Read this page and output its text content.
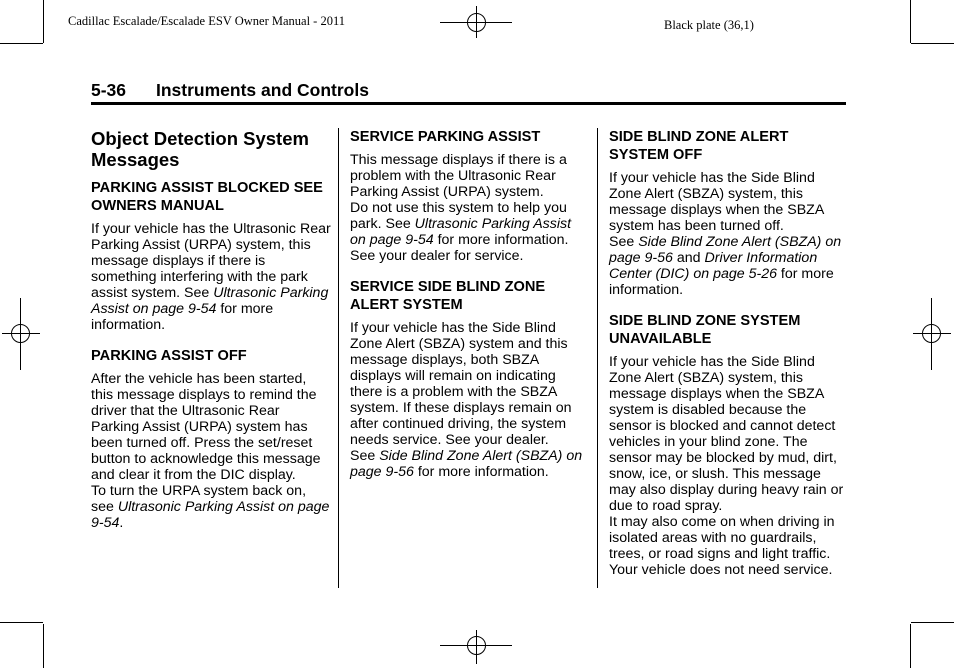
Cadillac Escalade/Escalade ESV Owner Manual - 2011	Black plate (36,1)
5-36 Instruments and Controls
Object Detection System Messages
PARKING ASSIST BLOCKED SEE OWNERS MANUAL

If your vehicle has the Ultrasonic Rear Parking Assist (URPA) system, this message displays if there is something interfering with the park assist system. See Ultrasonic Parking Assist on page 9‑54 for more information.

PARKING ASSIST OFF

After the vehicle has been started, this message displays to remind the driver that the Ultrasonic Rear Parking Assist (URPA) system has been turned off. Press the set/reset button to acknowledge this message and clear it from the DIC display.

To turn the URPA system back on, see Ultrasonic Parking Assist on page 9‑54.

SERVICE PARKING ASSIST

This message displays if there is a problem with the Ultrasonic Rear Parking Assist (URPA) system.

Do not use this system to help you park. See Ultrasonic Parking Assist on page 9‑54 for more information. See your dealer for service.

SERVICE SIDE BLIND ZONE ALERT SYSTEM

If your vehicle has the Side Blind Zone Alert (SBZA) system and this message displays, both SBZA displays will remain on indicating there is a problem with the SBZA system. If these displays remain on after continued driving, the system needs service. See your dealer.

See Side Blind Zone Alert (SBZA) on page 9‑56 for more information.

SIDE BLIND ZONE ALERT SYSTEM OFF

If your vehicle has the Side Blind Zone Alert (SBZA) system, this message displays when the SBZA system has been turned off.

See Side Blind Zone Alert (SBZA) on page 9‑56 and Driver Information Center (DIC) on page 5‑26 for more information.

SIDE BLIND ZONE SYSTEM UNAVAILABLE

If your vehicle has the Side Blind Zone Alert (SBZA) system, this message displays when the SBZA system is disabled because the sensor is blocked and cannot detect vehicles in your blind zone. The sensor may be blocked by mud, dirt, snow, ice, or slush. This message may also display during heavy rain or due to road spray.

It may also come on when driving in isolated areas with no guardrails, trees, or road signs and light traffic. Your vehicle does not need service.
